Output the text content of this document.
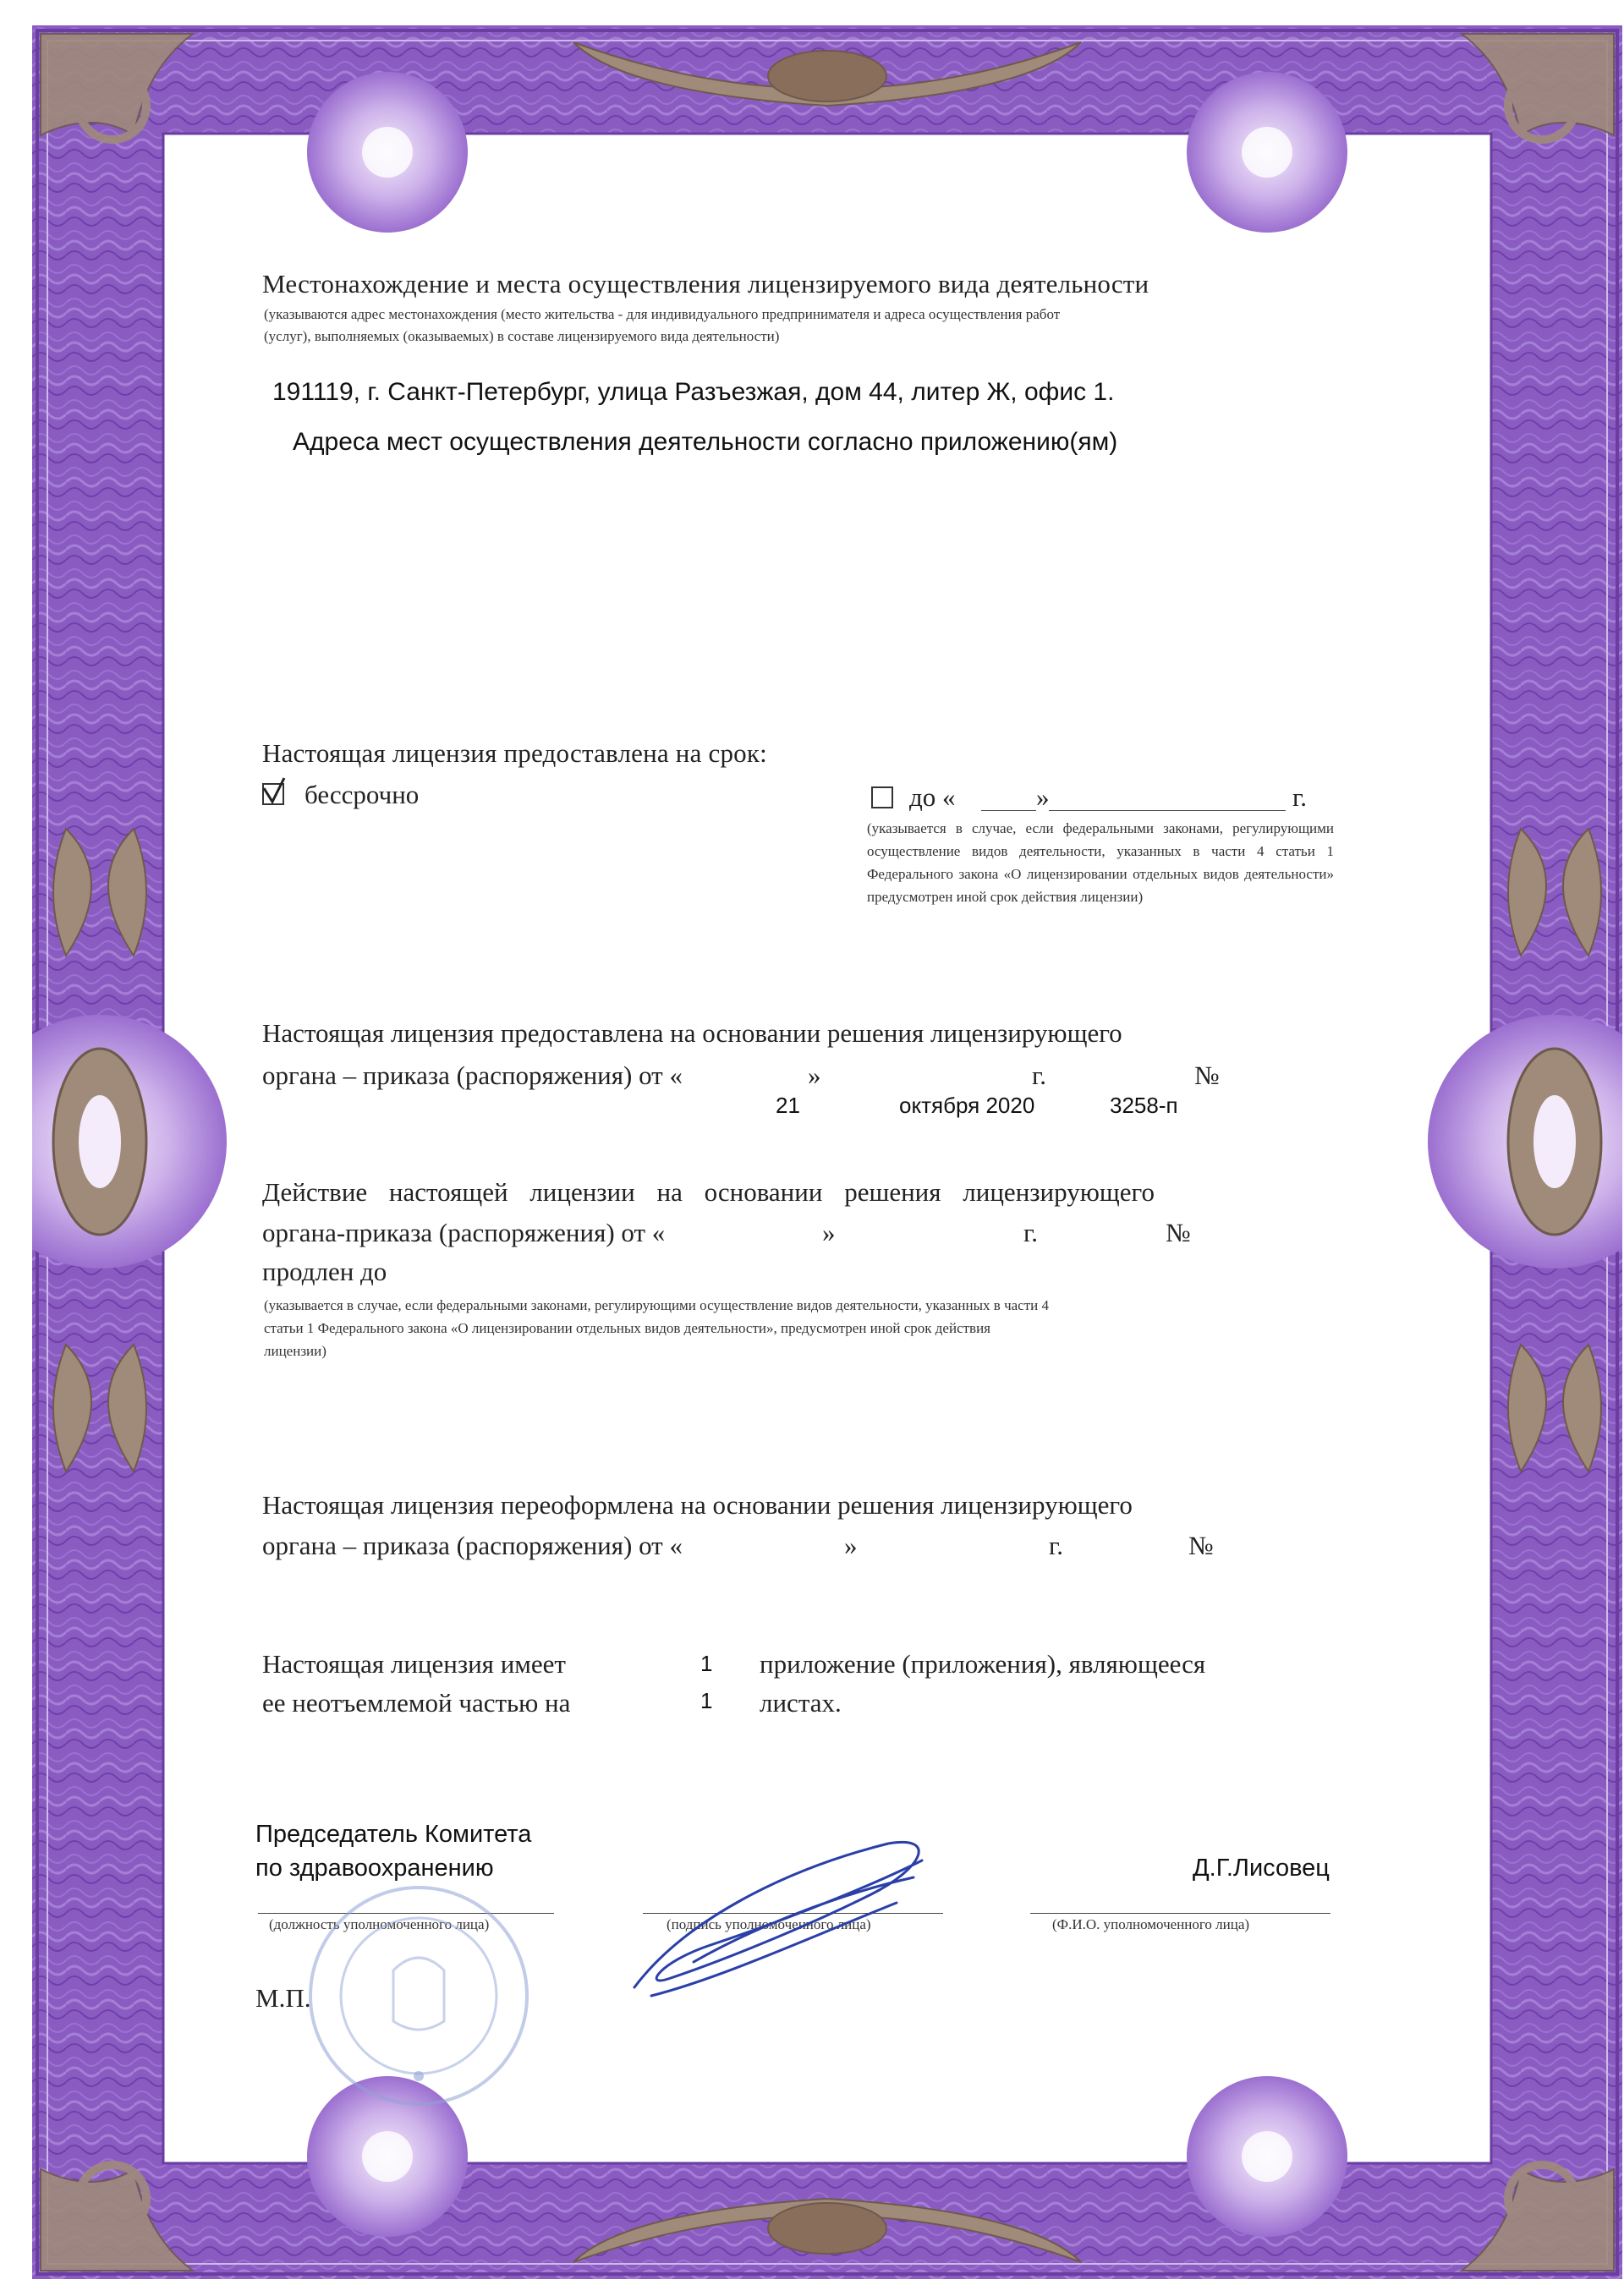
Местонахождение и места осуществления лицензируемого вида деятельности
(указываются адрес местонахождения (место жительства - для индивидуального предпринимателя и адреса осуществления работ
(услуг), выполняемых (оказываемых) в составе лицензируемого вида деятельности)
191119, г. Санкт-Петербург, улица Разъезжая, дом 44, литер Ж, офис 1.
Адреса мест осуществления деятельности согласно приложению(ям)
Настоящая лицензия предоставлена на срок:
бессрочно	до «	»	г.
(указывается в случае, если федеральными законами, регулирующими осуществление видов деятельности, указанных в части 4 статьи 1 Федерального закона «О лицензировании отдельных видов деятельности» предусмотрен иной срок действия лицензии)
Настоящая лицензия предоставлена на основании решения лицензирующего
органа – приказа (распоряжения) от «	»	г.	№
21	октября 2020	3258-п
Действие настоящей лицензии на основании решения лицензирующего
органа-приказа (распоряжения) от «	»	г.	№
продлен до
(указывается в случае, если федеральными законами, регулирующими осуществление видов деятельности, указанных в части 4 статьи 1 Федерального закона «О лицензировании отдельных видов деятельности», предусмотрен иной срок действия лицензии)
Настоящая лицензия переоформлена на основании решения лицензирующего
органа – приказа (распоряжения) от «	»	г.	№
Настоящая лицензия имеет	1 приложение (приложения), являющееся
ее неотъемлемой частью на	1 листах.
Председатель Комитета
по здравоохранению	Д.Г.Лисовец
(должность уполномоченного лица)	(подпись уполномоченного лица)	(Ф.И.О. уполномоченного лица)
М.П.
